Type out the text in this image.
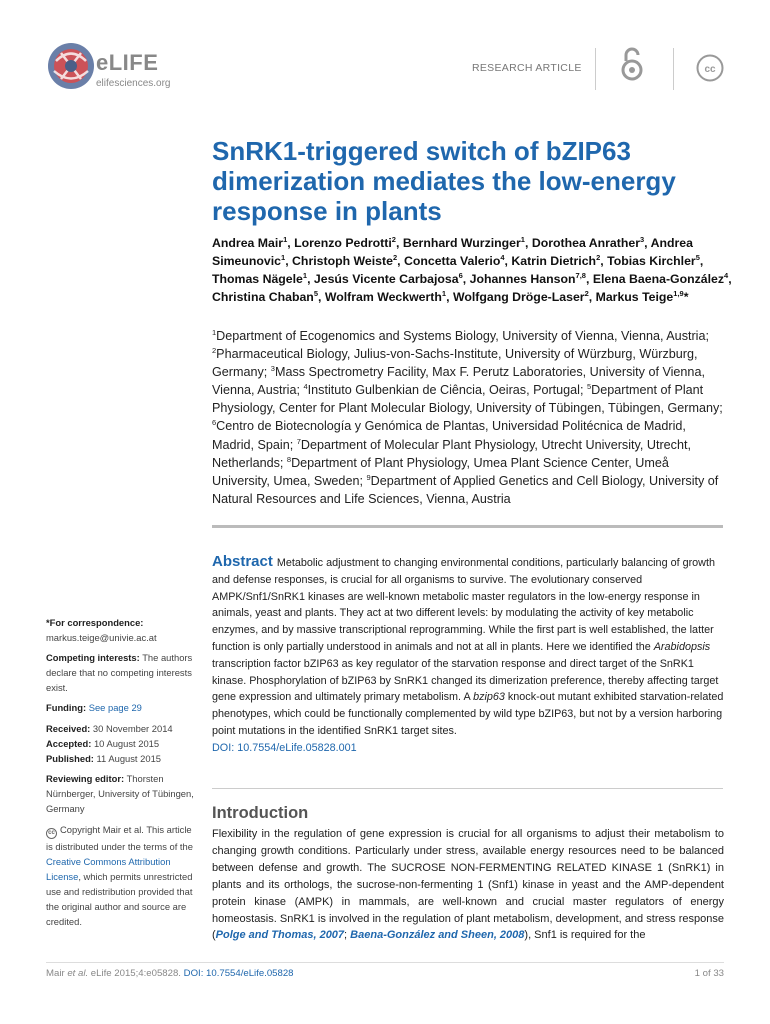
eLIFE
elifesciences.org
RESEARCH ARTICLE	cc
SnRK1-triggered switch of bZIP63 dimerization mediates the low-energy response in plants
Andrea Mair$^1$, Lorenzo Pedrotti$^2$, Bernhard Wurzinger$^1$, Dorothea Anrather$^3$, Andrea Simeunovic$^1$, Christoph Weiste$^2$, Concetta Valerio$^4$, Katrin Dietrich$^2$, Tobias Kirchler$^5$, Thomas Nägele$^1$, Jesús Vicente Carbajosa$^6$, Johannes Hanson$^{7,8}$, Elena Baena-González$^4$, Christina Chaban$^5$, Wolfram Weckwerth$^1$, Wolfgang Dröge-Laser$^2$, Markus Teige$^{1,9}$*
$^1$Department of Ecogenomics and Systems Biology, University of Vienna, Vienna, Austria; $^2$Pharmaceutical Biology, Julius-von-Sachs-Institute, University of Würzburg, Würzburg, Germany; $^3$Mass Spectrometry Facility, Max F. Perutz Laboratories, University of Vienna, Vienna, Austria; $^4$Instituto Gulbenkian de Ciência, Oeiras, Portugal; $^5$Department of Plant Physiology, Center for Plant Molecular Biology, University of Tübingen, Tübingen, Germany; $^6$Centro de Biotecnología y Genómica de Plantas, Universidad Politécnica de Madrid, Madrid, Spain; $^7$Department of Molecular Plant Physiology, Utrecht University, Utrecht, Netherlands; $^8$Department of Plant Physiology, Umea Plant Science Center, Umeå University, Umea, Sweden; $^9$Department of Applied Genetics and Cell Biology, University of Natural Resources and Life Sciences, Vienna, Austria
Abstract Metabolic adjustment to changing environmental conditions, particularly balancing of growth and defense responses, is crucial for all organisms to survive. The evolutionary conserved AMPK/Snf1/SnRK1 kinases are well-known metabolic master regulators in the low-energy response in animals, yeast and plants. They act at two different levels: by modulating the activity of key metabolic enzymes, and by massive transcriptional reprogramming. While the first part is well established, the latter function is only partially understood in animals and not at all in plants. Here we identified the Arabidopsis transcription factor bZIP63 as key regulator of the starvation response and direct target of the SnRK1 kinase. Phosphorylation of bZIP63 by SnRK1 changed its dimerization preference, thereby affecting target gene expression and ultimately primary metabolism. A bzip63 knock-out mutant exhibited starvation-related phenotypes, which could be functionally complemented by wild type bZIP63, but not by a version harboring point mutations in the identified SnRK1 target sites.
DOI: 10.7554/eLife.05828.001
*For correspondence: markus.teige@univie.ac.at
Competing interests: The authors declare that no competing interests exist.
Funding: See page 29
Received: 30 November 2014
Accepted: 10 August 2015
Published: 11 August 2015
Reviewing editor: Thorsten Nürnberger, University of Tübingen, Germany
cc Copyright Mair et al. This article is distributed under the terms of the Creative Commons Attribution License, which permits unrestricted use and redistribution provided that the original author and source are credited.
Introduction
Flexibility in the regulation of gene expression is crucial for all organisms to adjust their metabolism to changing growth conditions. Particularly under stress, available energy resources need to be balanced between defense and growth. The SUCROSE NON-FERMENTING RELATED KINASE 1 (SnRK1) in plants and its orthologs, the sucrose-non-fermenting 1 (Snf1) kinase in yeast and the AMP-dependent protein kinase (AMPK) in mammals, are well-known and crucial master regulators of energy homeostasis. SnRK1 is involved in the regulation of plant metabolism, development, and stress response (Polge and Thomas, 2007; Baena-González and Sheen, 2008), Snf1 is required for the
Mair et al. eLife 2015;4:e05828. DOI: 10.7554/eLife.05828	1 of 33
